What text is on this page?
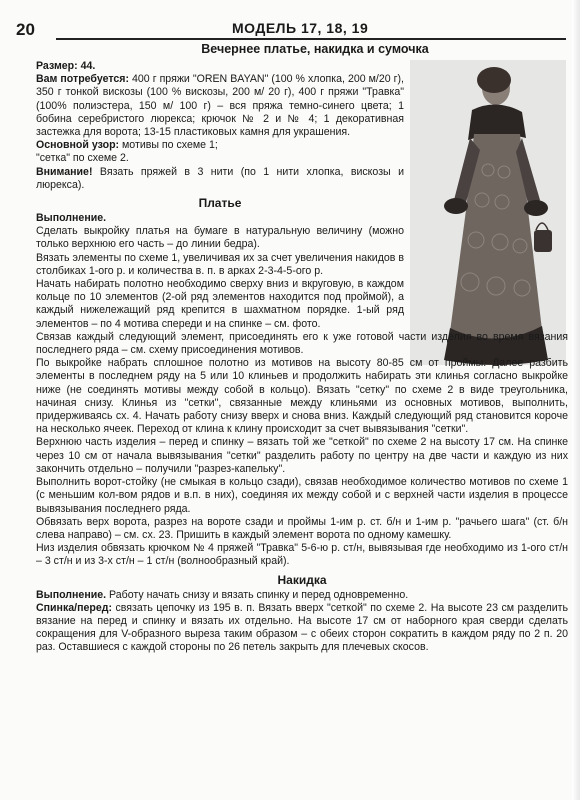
20	МОДЕЛЬ 17, 18, 19
Вечернее платье, накидка и сумочка

Размер: 44.

Вам потребуется: 400 г пряжи "OREN BAYAN" (100 % хлопка, 200 м/20 г), 350 г тонкой вискозы (100 % вискозы, 200 м/ 20 г), 400 г пряжи "Травка" (100% полиэстера, 150 м/ 100 г) – вся пряжа темно-синего цвета; 1 бобина серебристого люрекса; крючок № 2 и № 4; 1 декоративная застежка для ворота; 13-15 пластиковых камня для украшения.

Основной узор: мотивы по схеме 1;

"сетка" по схеме 2.

Внимание! Вязать пряжей в 3 нити (по 1 нити хлопка, вискозы и люрекса).

Платье

Выполнение.

Сделать выкройку платья на бумаге в натуральную величину (можно только верхнюю его часть – до линии бедра).

Вязать элементы по схеме 1, увеличивая их за счет увеличения накидов в столбиках 1-ого р. и количества в. п. в арках 2-3-4-5-ого р.

Начать набирать полотно необходимо сверху вниз и вкруговую, в каждом кольце по 10 элементов (2-ой ряд элементов находится под проймой), а каждый нижележащий ряд крепится в шахматном порядке. 1-ый ряд элементов – по 4 мотива спереди и на спинке – см. фото.

Связав каждый следующий элемент, присоединять его к уже готовой части изделия во время вязания последнего ряда – см. схему присоединения мотивов.

По выкройке набрать сплошное полотно из мотивов на высоту 80-85 см от проймы. Далее разбить элементы в последнем ряду на 5 или 10 клиньев и продолжить набирать эти клинья согласно выкройке ниже (не соединять мотивы между собой в кольцо). Вязать "сетку" по схеме 2 в виде треугольника, начиная снизу. Клинья из "сетки", связанные между клиньями из основных мотивов, выполнить, придерживаясь сх. 4. Начать работу снизу вверх и снова вниз. Каждый следующий ряд становится короче на несколько ячеек. Переход от клина к клину происходит за счет вывязывания "сетки".

Верхнюю часть изделия – перед и спинку – вязать той же "сеткой" по схеме 2 на высоту 17 см. На спинке через 10 см от начала вывязывания "сетки" разделить работу по центру на две части и каждую из них закончить отдельно – получили "разрез-капельку".

Выполнить ворот-стойку (не смыкая в кольцо сзади), связав необходимое количество мотивов по схеме 1 (с меньшим кол-вом рядов и в.п. в них), соединяя их между собой и с верхней части изделия в процессе вывязывания последнего ряда.

Обвязать верх ворота, разрез на вороте сзади и проймы 1-им р. ст. б/н и 1-им р. "рачьего шага" (ст. б/н слева направо) – см. сх. 23. Пришить в каждый элемент ворота по одному камешку.

Низ изделия обвязать крючком № 4 пряжей "Травка" 5-6-ю р. ст/н, вывязывая где необходимо из 1-ого ст/н – 3 ст/н и из 3-х ст/н – 1 ст/н (волнообразный край).

Накидка

Выполнение. Работу начать снизу и вязать спинку и перед одновременно.

Спинка/перед: связать цепочку из 195 в. п. Вязать вверх "сеткой" по схеме 2. На высоте 23 см разделить вязание на перед и спинку и вязать их отдельно. На высоте 17 см от наборного края сверди сделать сокращения для V-образного выреза таким образом – с обеих сторон сократить в каждом ряду по 2 п. 20 раз. Оставшиеся с каждой стороны по 26 петель закрыть для плечевых скосов.
